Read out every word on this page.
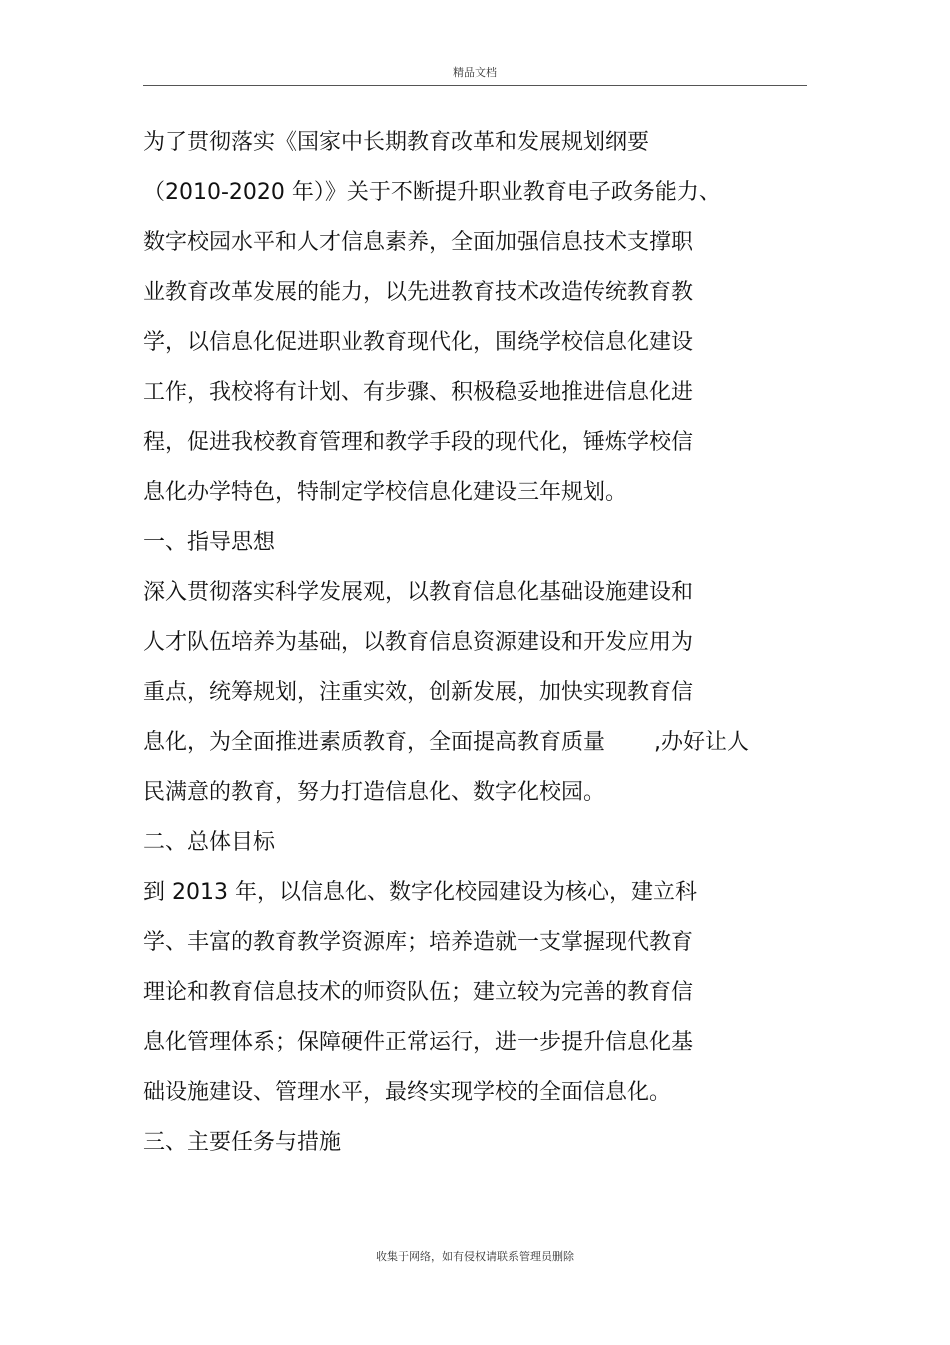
精品文档
为了贯彻落实《国家中长期教育改革和发展规划纲要
（2010-2020 年）》关于不断提升职业教育电子政务能力、
数字校园水平和人才信息素养，全面加强信息技术支撑职
业教育改革发展的能力，以先进教育技术改造传统教育教
学，以信息化促进职业教育现代化，围绕学校信息化建设
工作，我校将有计划、有步骤、积极稳妥地推进信息化进
程，促进我校教育管理和教学手段的现代化，锤炼学校信
息化办学特色，特制定学校信息化建设三年规划。
一、指导思想
深入贯彻落实科学发展观，以教育信息化基础设施建设和
人才队伍培养为基础，以教育信息资源建设和开发应用为
重点，统筹规划，注重实效，创新发展，加快实现教育信
息化，为全面推进素质教育，全面提高教育质量       ,办好让人
民满意的教育，努力打造信息化、数字化校园。
二、总体目标
到 2013 年，以信息化、数字化校园建设为核心，建立科
学、丰富的教育教学资源库；培养造就一支掌握现代教育
理论和教育信息技术的师资队伍；建立较为完善的教育信
息化管理体系；保障硬件正常运行，进一步提升信息化基
础设施建设、管理水平，最终实现学校的全面信息化。
三、主要任务与措施
收集于网络，如有侵权请联系管理员删除
